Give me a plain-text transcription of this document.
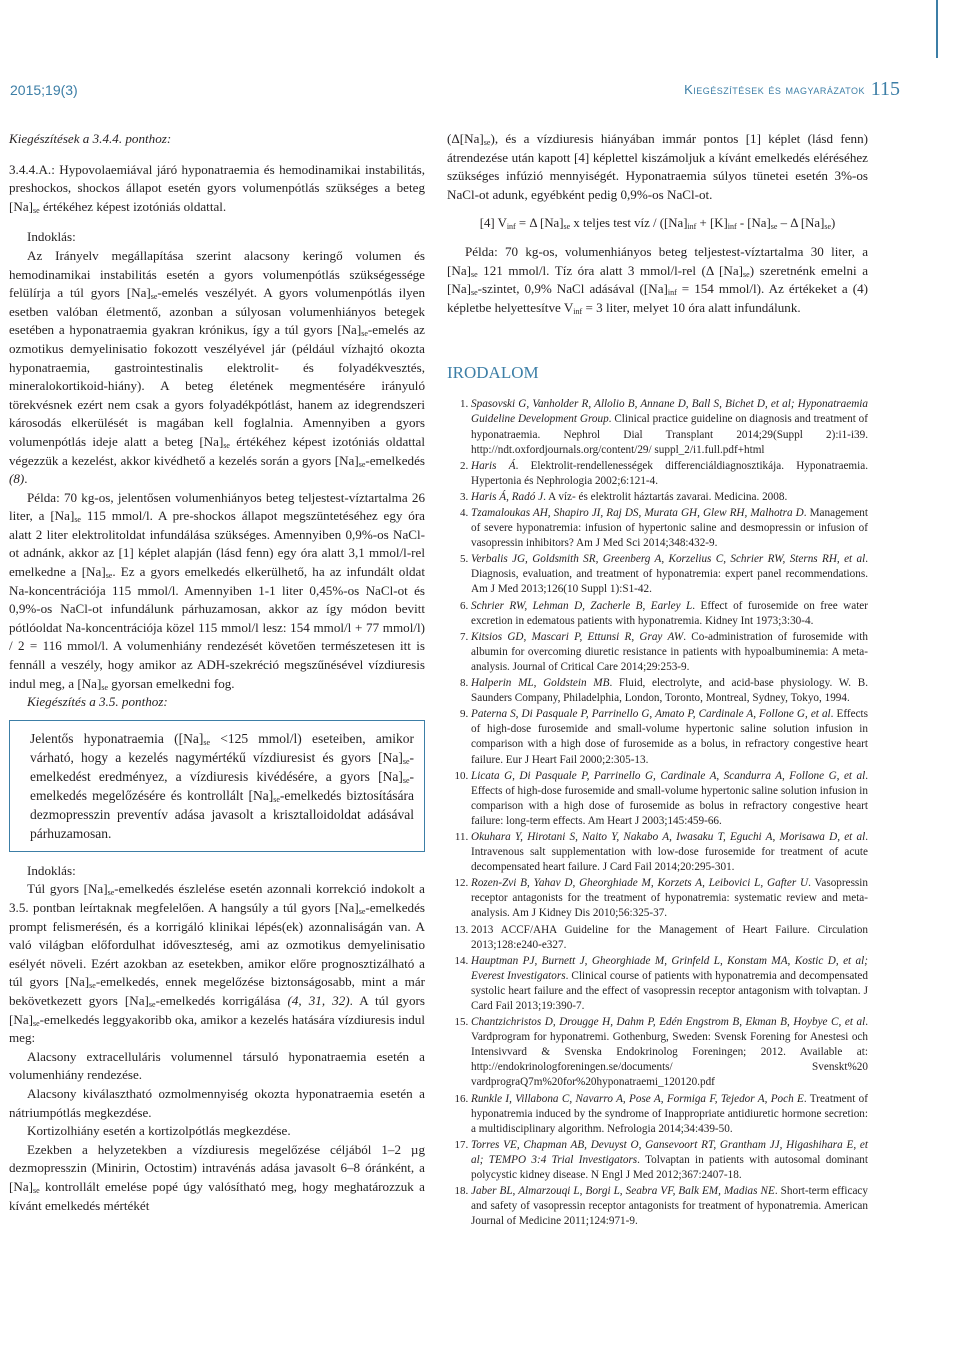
2015;19(3)	Kiegészítések és magyarázatok 115

Kiegészítések a 3.4.4. ponthoz:

3.4.4.A.: Hypovolaemiával járó hyponatraemia és hemodinamikai instabilitás, preshockos, shockos állapot esetén gyors volumenpótlás szükséges a beteg $[Na]_{se}$ értékéhez képest izotóniás oldattal.

Indoklás:

Az Irányelv megállapítása szerint alacsony keringő volumen és hemodinamikai instabilitás esetén a gyors volumenpótlás szükségessége felülírja a túl gyors $[Na]_{se}$-emelés veszélyét. A gyors volumenpótlás ilyen esetben valóban életmentő, azonban a súlyosan volumenhiányos betegek esetében a hyponatraemia gyakran krónikus, így a túl gyors $[Na]_{se}$-emelés az ozmotikus demyelinisatio fokozott veszélyével jár (például vízhajtó okozta hyponatraemia, gastrointestinalis elektrolit- és folyadékvesztés, mineralokortikoid-hiány). A beteg életének megmentésére irányuló törekvésnek ezért nem csak a gyors folyadékpótlást, hanem az idegrendszeri károsodás elkerülését is magában kell foglalnia. Amennyiben a gyors volumenpótlás ideje alatt a beteg $[Na]_{se}$ értékéhez képest izotóniás oldattal végezzük a kezelést, akkor kivédhető a kezelés során a gyors $[Na]_{se}$-emelkedés (8).

Példa: 70 kg-os, jelentősen volumenhiányos beteg teljestest-víztartalma 26 liter, a $[Na]_{se}$ 115 mmol/l. A pre-shockos állapot megszüntetéséhez egy óra alatt 2 liter elektrolitoldat infundálása szükséges. Amennyiben 0,9%-os NaCl-ot adnánk, akkor az [1] képlet alapján (lásd fenn) egy óra alatt 3,1 mmol/l-rel emelkedne a $[Na]_{se}$. Ez a gyors emelkedés elkerülhető, ha az infundált oldat Na-koncentrációja 115 mmol/l. Amennyiben 1-1 liter 0,45%-os NaCl-ot és 0,9%-os NaCl-ot infundálunk párhuzamosan, akkor az így módon bevitt pótlóoldat Na-koncentrációja közel 115 mmol/l lesz: 154 mmol/l + 77 mmol/l) / 2 = 116 mmol/l. A volumenhiány rendezését követően természetesen itt is fennáll a veszély, hogy amikor az ADH-szekréció megszűnésével vízdiuresis indul meg, a $[Na]_{se}$ gyorsan emelkedni fog.

Kiegészítés a 3.5. ponthoz:

Jelentős hyponatraemia ($[Na]_{se} <125$ mmol/l) eseteiben, amikor várható, hogy a kezelés nagymértékű vízdiuresist és gyors $[Na]_{se}$-emelkedést eredményez, a vízdiuresis kivédésére, a gyors $[Na]_{se}$-emelkedés megelőzésére és kontrollált $[Na]_{se}$-emelkedés biztosítására dezmopresszin preventív adása javasolt a krisztalloidoldat adásával párhuzamosan.

Indoklás:

Túl gyors $[Na]_{se}$-emelkedés észlelése esetén azonnali korrekció indokolt a 3.5. pontban leírtaknak megfelelően. A hangsúly a túl gyors $[Na]_{se}$-emelkedés prompt felismerésén, és a korrigáló klinikai lépés(ek) azonnaliságán van. A való világban előfordulhat időveszteség, ami az ozmotikus demyelinisatio esélyét növeli. Ezért azokban az esetekben, amikor előre prognosztizálható a túl gyors $[Na]_{se}$-emelkedés, ennek megelőzése biztonságosabb, mint a már bekövetkezett gyors $[Na]_{se}$-emelkedés korrigálása (4, 31, 32). A túl gyors $[Na]_{se}$-emelkedés leggyakoribb oka, amikor a kezelés hatására vízdiuresis indul meg:

Alacsony extracelluláris volumennel társuló hyponatraemia esetén a volumenhiány rendezése.

Alacsony kiválasztható ozmolmennyiség okozta hyponatraemia esetén a nátriumpótlás megkezdése.

Kortizolhiány esetén a kortizolpótlás megkezdése.

Ezekben a helyzetekben a vízdiuresis megelőzése céljából 1–2 µg dezmopresszin (Minirin, Octostim) intravénás adása javasolt 6–8 óránként, a $[Na]_{se}$ kontrollált emelése popé úgy valósítható meg, hogy meghatározzuk a kívánt emelkedés mértékét

$(\Delta[Na]_{se})$, és a vízdiuresis hiányában immár pontos [1] képlet (lásd fenn) átrendezése után kapott [4] képlettel kiszámoljuk a kívánt emelkedés eléréséhez szükséges infúzió mennyiségét. Hyponatraemia súlyos tünetei esetén 3%-os NaCl-ot adunk, egyébként pedig 0,9%-os NaCl-ot.

[4] $V_{inf} = \Delta$ $[Na]_{se}$ x teljes test víz / ($[Na]_{inf} + [K]_{inf} - [Na]_{se} - \Delta$ $[Na]_{se}$)

Példa: 70 kg-os, volumenhiányos beteg teljestest-víztartalma 30 liter, a $[Na]_{se}$ 121 mmol/l. Tíz óra alatt 3 mmol/l-rel (Δ $[Na]_{se}$) szeretnénk emelni a $[Na]_{se}$-szintet, 0,9% NaCl adásával ($[Na]_{inf} = 154$ mmol/l). Az értékeket a (4) képletbe helyettesítve $V_{inf} = 3$ liter, melyet 10 óra alatt infundálunk.

IRODALOM
1. Spasovski G, Vanholder R, Allolio B, Annane D, Ball S, Bichet D, et al; Hyponatraemia Guideline Development Group. Clinical practice guideline on diagnosis and treatment of hyponatraemia. Nephrol Dial Transplant 2014;29(Suppl 2):i1-i39. http://ndt.oxfordjournals.org/content/29/ suppl_2/i1.full.pdf+html
2. Haris Á. Elektrolit-rendellenességek differenciáldiagnosztikája. Hyponatraemia. Hypertonia és Nephrologia 2002;6:121-4.
3. Haris Á, Radó J. A víz- és elektrolit háztartás zavarai. Medicina. 2008.
4. Tzamaloukas AH, Shapiro JI, Raj DS, Murata GH, Glew RH, Malhotra D. Management of severe hyponatremia: infusion of hypertonic saline and desmopressin or infusion of vasopressin inhibitors? Am J Med Sci 2014;348:432-9.
5. Verbalis JG, Goldsmith SR, Greenberg A, Korzelius C, Schrier RW, Sterns RH, et al. Diagnosis, evaluation, and treatment of hyponatremia: expert panel recommendations. Am J Med 2013;126(10 Suppl 1):S1-42.
6. Schrier RW, Lehman D, Zacherle B, Earley L. Effect of furosemide on free water excretion in edematous patients with hyponatremia. Kidney Int 1973;3:30-4.
7. Kitsios GD, Mascari P, Ettunsi R, Gray AW. Co-administration of furosemide with albumin for overcoming diuretic resistance in patients with hypoalbuminemia: A meta-analysis. Journal of Critical Care 2014;29:253-9.
8. Halperin ML, Goldstein MB. Fluid, electrolyte, and acid-base physiology. W. B. Saunders Company, Philadelphia, London, Toronto, Montreal, Sydney, Tokyo, 1994.
9. Paterna S, Di Pasquale P, Parrinello G, Amato P, Cardinale A, Follone G, et al. Effects of high-dose furosemide and small-volume hypertonic saline solution infusion in comparison with a high dose of furosemide as a bolus, in refractory congestive heart failure. Eur J Heart Fail 2000;2:305-13.
10. Licata G, Di Pasquale P, Parrinello G, Cardinale A, Scandurra A, Follone G, et al. Effects of high-dose furosemide and small-volume hypertonic saline solution infusion in comparison with a high dose of furosemide as bolus in refractory congestive heart failure: long-term effects. Am Heart J 2003;145:459-66.
11. Okuhara Y, Hirotani S, Naito Y, Nakabo A, Iwasaku T, Eguchi A, Morisawa D, et al. Intravenous salt supplementation with low-dose furosemide for treatment of acute decompensated heart failure. J Card Fail 2014;20:295-301.
12. Rozen-Zvi B, Yahav D, Gheorghiade M, Korzets A, Leibovici L, Gafter U. Vasopressin receptor antagonists for the treatment of hyponatremia: systematic review and meta-analysis. Am J Kidney Dis 2010;56:325-37.
13. 2013 ACCF/AHA Guideline for the Management of Heart Failure. Circulation 2013;128:e240-e327.
14. Hauptman PJ, Burnett J, Gheorghiade M, Grinfeld L, Konstam MA, Kostic D, et al; Everest Investigators. Clinical course of patients with hyponatremia and decompensated systolic heart failure and the effect of vasopressin receptor antagonism with tolvaptan. J Card Fail 2013;19:390-7.
15. Chantzichristos D, Drougge H, Dahm P, Edén Engstrom B, Ekman B, Hoybye C, et al. Vardprogram for hyponatremi. Gothenburg, Sweden: Svensk Forening for Anestesi och Intensivvard & Svenska Endokrinolog Foreningen; 2012. Available at: http://endokrinologforeningen.se/documents/ Svenskt%20 vardprograQ7m%20for%20hyponatraemi_120120.pdf
16. Runkle I, Villabona C, Navarro A, Pose A, Formiga F, Tejedor A, Poch E. Treatment of hyponatremia induced by the syndrome of Inappropriate antidiuretic hormone secretion: a multidisciplinary algorithm. Nefrologia 2014;34:439-50.
17. Torres VE, Chapman AB, Devuyst O, Gansevoort RT, Grantham JJ, Higashihara E, et al; TEMPO 3:4 Trial Investigators. Tolvaptan in patients with autosomal dominant polycystic kidney disease. N Engl J Med 2012;367:2407-18.
18. Jaber BL, Almarzouqi L, Borgi L, Seabra VF, Balk EM, Madias NE. Short-term efficacy and safety of vasopressin receptor antagonists for treatment of hyponatremia. American Journal of Medicine 2011;124:971-9.
